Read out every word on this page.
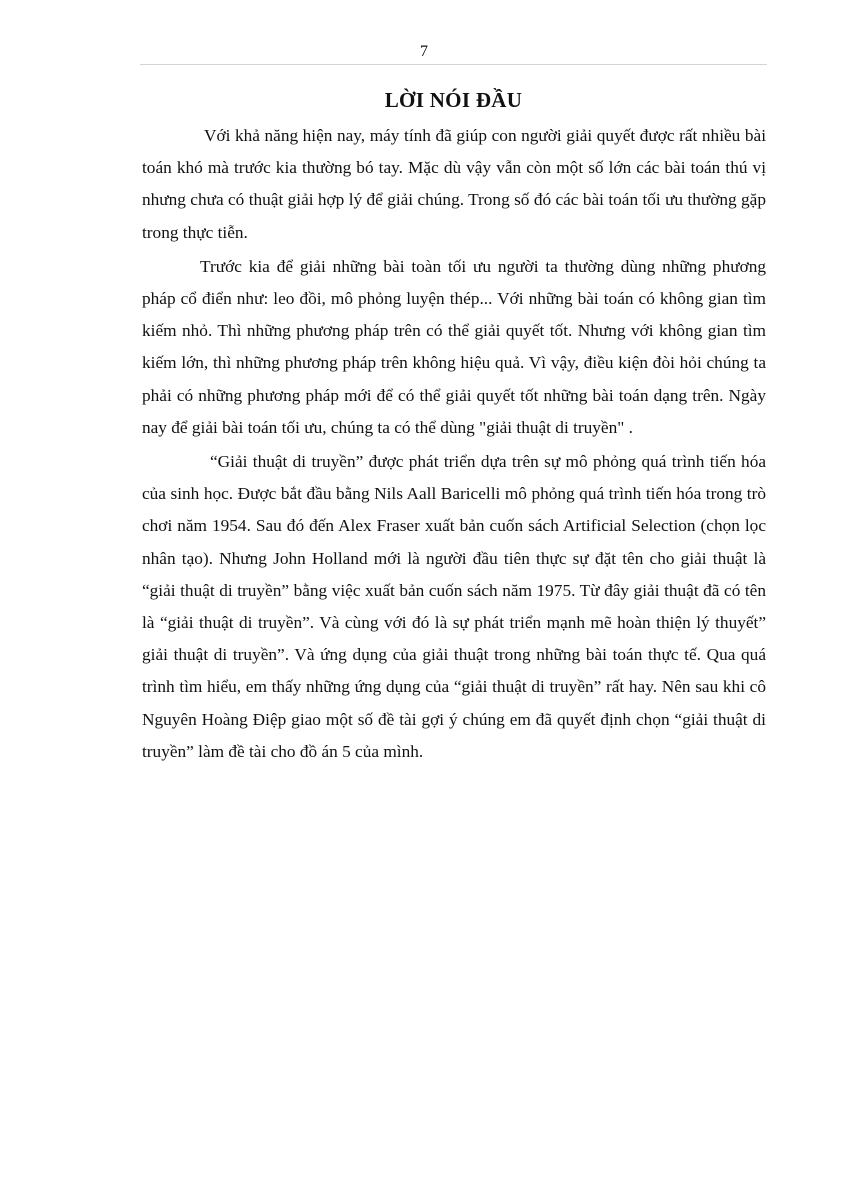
7
LỜI NÓI ĐẦU

Với khả năng hiện nay, máy tính đã giúp con người giải quyết được rất nhiều bài toán khó mà trước kia thường bó tay. Mặc dù vậy vẫn còn một số lớn các bài toán thú vị nhưng chưa có thuật giải hợp lý để giải chúng. Trong số đó các bài toán tối ưu thường gặp trong thực tiễn.

Trước kia để giải những bài toàn tối ưu người ta thường dùng những phương pháp cổ điển như: leo đồi, mô phỏng luyện thép... Với những bài toán có không gian tìm kiếm nhỏ. Thì những phương pháp trên có thể giải quyết tốt. Nhưng với không gian tìm kiếm lớn, thì những phương pháp trên không hiệu quả. Vì vậy, điều kiện đòi hỏi chúng ta phải có những phương pháp mới để có thể giải quyết tốt những bài toán dạng trên. Ngày nay để giải bài toán tối ưu, chúng ta có thể dùng "giải thuật di truyền" .

“Giải thuật di truyền” được phát triển dựa trên sự mô phỏng quá trình tiến hóa của sinh học. Được bắt đầu bằng Nils Aall Baricelli mô phỏng quá trình tiến hóa trong trò chơi năm 1954. Sau đó đến Alex Fraser xuất bản cuốn sách Artificial Selection (chọn lọc nhân tạo). Nhưng John Holland mới là người đầu tiên thực sự đặt tên cho giải thuật là “giải thuật di truyền” bằng việc xuất bản cuốn sách năm 1975. Từ đây giải thuật đã có tên là “giải thuật di truyền”. Và cùng với đó là sự phát triển mạnh mẽ hoàn thiện lý thuyết” giải thuật di truyền”. Và ứng dụng của giải thuật trong những bài toán thực tế. Qua quá trình tìm hiểu, em thấy những ứng dụng của “giải thuật di truyền” rất hay. Nên sau khi cô Nguyên Hoàng Điệp giao một số đề tài gợi ý chúng em đã quyết định chọn “giải thuật di truyền” làm đề tài cho đồ án 5 của mình.
